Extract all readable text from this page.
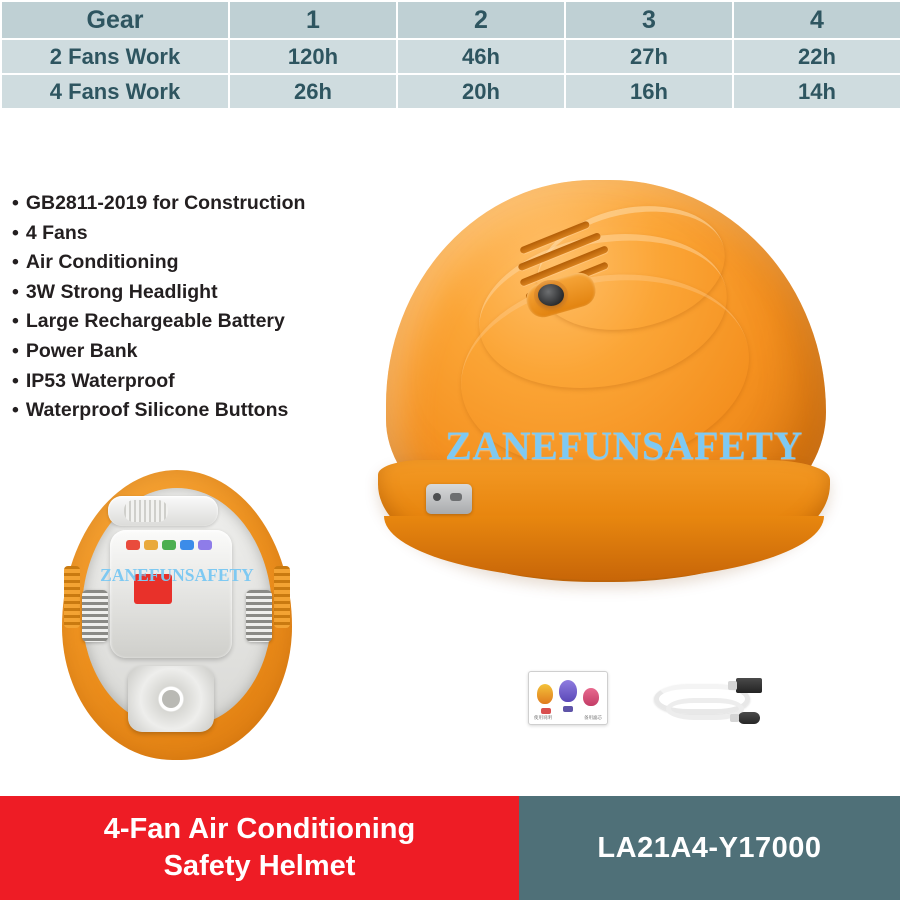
Gear	1	2	3	4
2 Fans Work	120h	46h	27h	22h
4 Fans Work	26h	20h	16h	14h
• GB2811-2019 for Construction
• 4 Fans
• Air Conditioning
• 3W Strong Headlight
• Large Rechargeable Battery
• Power Bank
• IP53 Waterproof
• Waterproof Silicone Buttons
ZANEFUNSAFETY
ZANEFUNSAFETY
使用说明	备用滤芯
4-Fan Air Conditioning
Safety Helmet
LA21A4-Y17000
